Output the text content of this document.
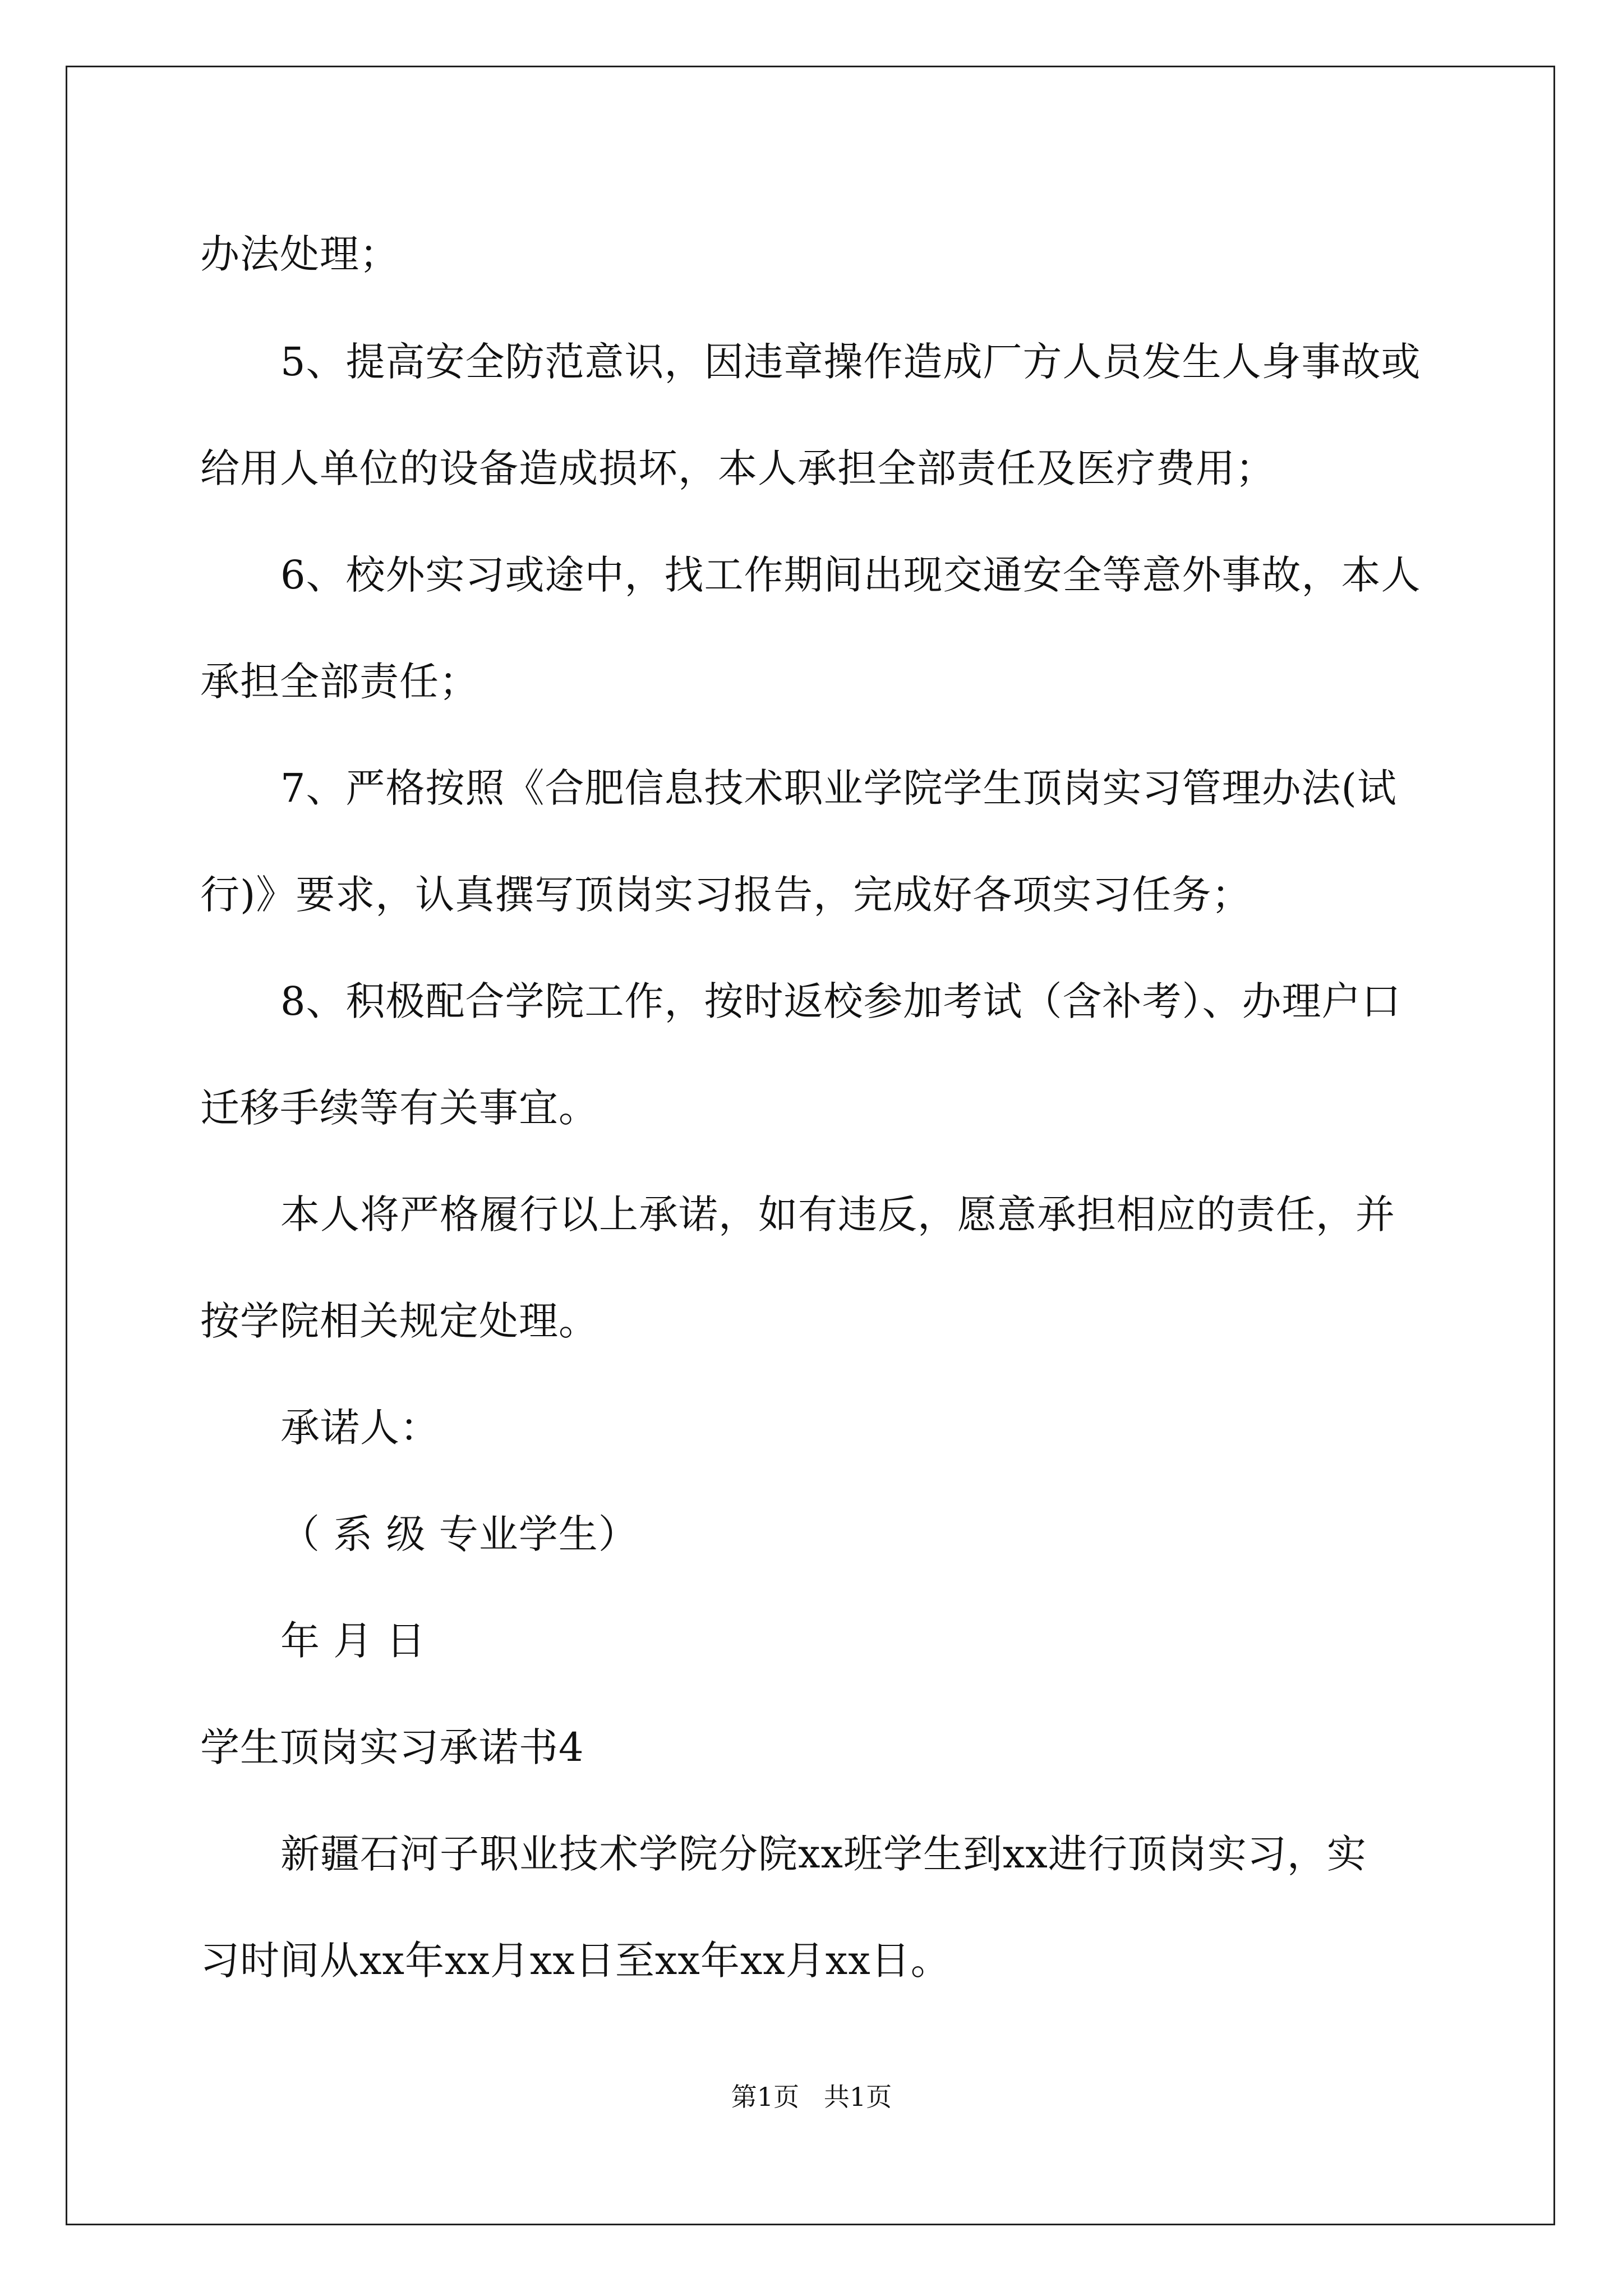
办法处理；
5、提高安全防范意识，因违章操作造成厂方人员发生人身事故或
给用人单位的设备造成损坏，本人承担全部责任及医疗费用；
6、校外实习或途中，找工作期间出现交通安全等意外事故，本人
承担全部责任；
7、严格按照《合肥信息技术职业学院学生顶岗实习管理办法(试
行)》要求，认真撰写顶岗实习报告，完成好各项实习任务；
8、积极配合学院工作，按时返校参加考试（含补考）、办理户口
迁移手续等有关事宜。
本人将严格履行以上承诺，如有违反，愿意承担相应的责任，并
按学院相关规定处理。
承诺人：
（ 系 级 专业学生）
年 月 日
学生顶岗实习承诺书4
新疆石河子职业技术学院分院xx班学生到xx进行顶岗实习，实
习时间从xx年xx月xx日至xx年xx月xx日。
第1页   共1页
